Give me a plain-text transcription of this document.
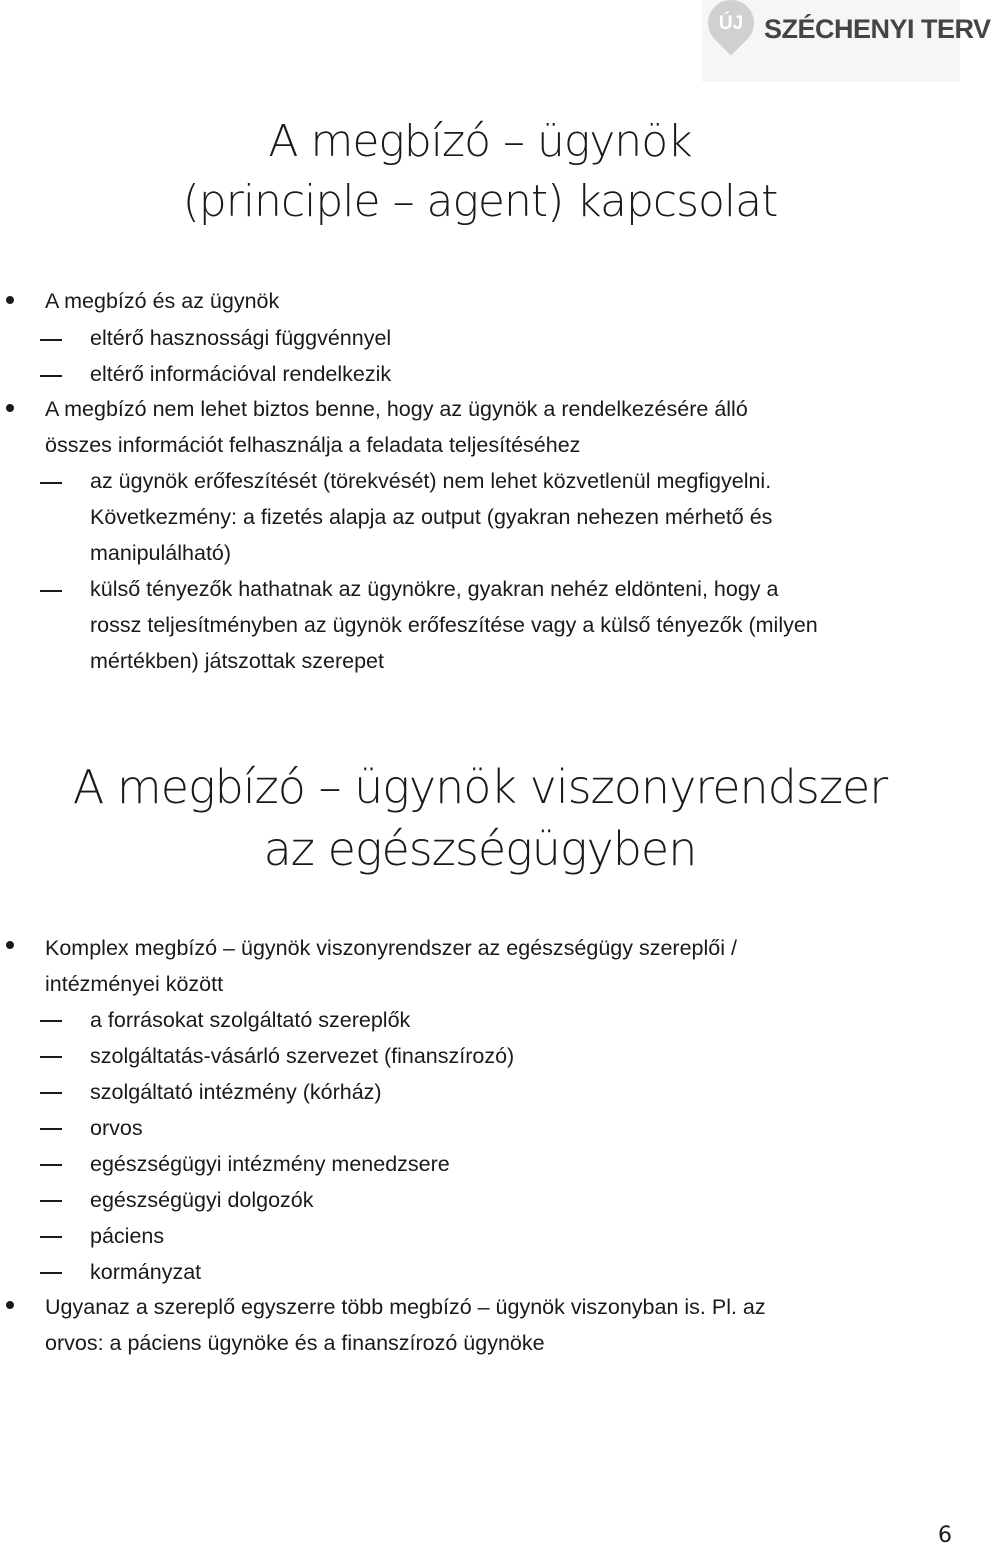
ÚJ SZÉCHENYI TERV
A megbízó – ügynök
(principle – agent) kapcsolat
A megbízó és az ügynök
eltérő hasznossági függvénnyel
eltérő információval rendelkezik
A megbízó nem lehet biztos benne, hogy az ügynök a rendelkezésére álló
összes információt felhasználja a feladata teljesítéséhez
az ügynök erőfeszítését (törekvését) nem lehet közvetlenül megfigyelni.
Következmény: a fizetés alapja az output (gyakran nehezen mérhető és
manipulálható)
külső tényezők hathatnak az ügynökre, gyakran nehéz eldönteni, hogy a
rossz teljesítményben az ügynök erőfeszítése vagy a külső tényezők (milyen
mértékben) játszottak szerepet
A megbízó – ügynök viszonyrendszer
az egészségügyben
Komplex megbízó – ügynök viszonyrendszer az egészségügy szereplői /
intézményei között
a forrásokat szolgáltató szereplők
szolgáltatás-vásárló szervezet (finanszírozó)
szolgáltató intézmény (kórház)
orvos
egészségügyi intézmény menedzsere
egészségügyi dolgozók
páciens
kormányzat
Ugyanaz a szereplő egyszerre több megbízó – ügynök viszonyban is. Pl. az
orvos: a páciens ügynöke és a finanszírozó ügynöke
6
